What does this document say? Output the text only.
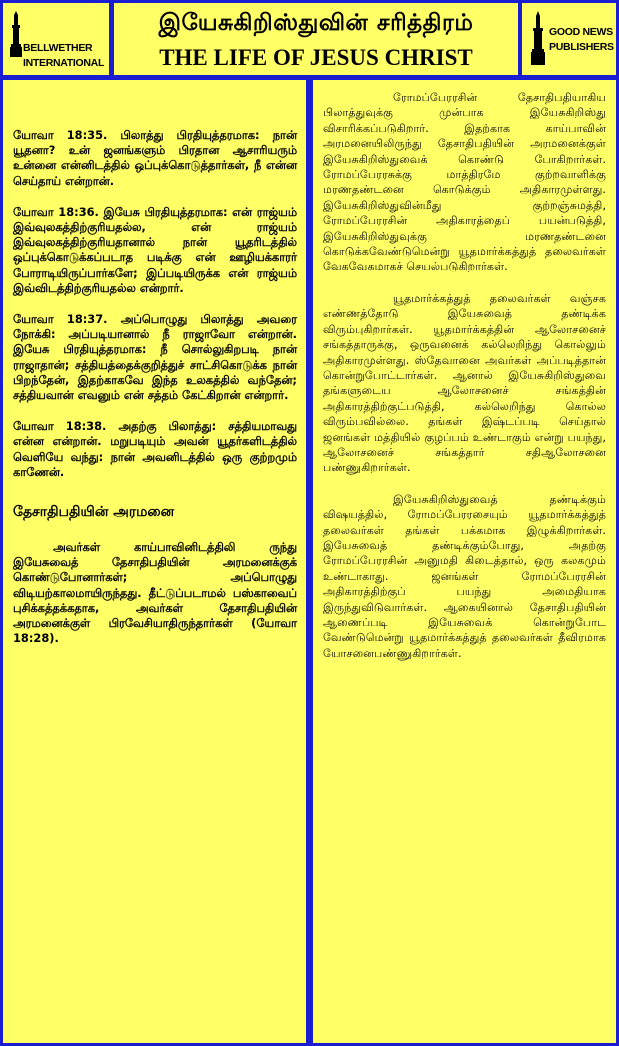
BELLWETHER INTERNATIONAL
இயேசுகிறிஸ்துவின் சரித்திரம்
THE LIFE OF JESUS CHRIST
GOOD NEWS PUBLISHERS

யோவா 18:35. பிலாத்து பிரதியுத்தரமாக: நான் யூதனா? உன் ஜனங்களும் பிரதான ஆசாரியரும் உன்னை என்னிடத்தில் ஒப்புக்கொடுத்தார்கள், நீ என்ன செய்தாய் என்றான்.

யோவா 18:36. இயேசு பிரதியுத்தரமாக: என் ராஜ்யம் இவ்வுலகத்திற்குரியதல்ல, என் ராஜ்யம் இவ்வுலகத்திற்குரியதானால் நான் யூதரிடத்தில் ஒப்புக்கொடுக்கப்படாத படிக்கு என் ஊழியக்காரர் போராடியிருப்பார்களே; இப்படியிருக்க என் ராஜ்யம் இவ்விடத்திற்குரியதல்ல என்றார்.

யோவா 18:37. அப்பொழுது பிலாத்து அவரை நோக்கி: அப்படியானால் நீ ராஜாவோ என்றான். இயேசு பிரதியுத்தரமாக: நீ சொல்லுகிறபடி நான் ராஜாதான்; சத்தியத்தைக்குறித்துச் சாட்சிகொடுக்க நான் பிறந்தேன், இதற்காகவே இந்த உலகத்தில் வந்தேன்; சத்தியவான் எவனும் என் சத்தம் கேட்கிறான் என்றார்.

யோவா 18:38. அதற்கு பிலாத்து: சத்தியமாவது என்ன என்றான். மறுபடியும் அவன் யூதர்களிடத்தில் வெளியே வந்து: நான் அவனிடத்தில் ஒரு குற்றமும் காணேன்.

தேசாதிபதியின் அரமனை

அவர்கள் காய்பாவினிடத்திலி ருந்து இயேசுவைத் தேசாதிபதியின் அரமனைக்குக் கொண்டுபோனார்கள்; அப்பொழுது விடியற்காலமாயிருந்தது. தீட்டுப்படாமல் பஸ்காவைப் புசிக்கத்தக்கதாக, அவர்கள் தேசாதிபதியின் அரமனைக்குள் பிரவேசியாதிருந்தார்கள் (யோவா 18:28).

ரோமப்பேரரசின் தேசாதிபதியாகிய பிலாத்துவுக்கு முன்பாக இயேசுகிறிஸ்து விசாரிக்கப்படுகிறார். இதற்காக காய்பாவின் அரமனையிலிருந்து தேசாதிபதியின் அரமனைக்குள் இயேசுகிறிஸ்துவைக் கொண்டு போகிறார்கள். ரோமப்பேரரசுக்கு மாத்திரமே குற்றவாளிக்கு மரணதண்டனை கொடுக்கும் அதிகாரமுள்ளது. இயேசுகிறிஸ்துவின்மீது குற்றஞ்சுமத்தி, ரோமப்பேரரசின் அதிகாரத்தைப் பயன்படுத்தி, இயேசுகிறிஸ்துவுக்கு மரணதண்டனை கொடுக்கவேண்டுமென்று யூதமார்க்கத்துத் தலைவர்கள் வேகவேகமாகச் செயல்படுகிறார்கள்.

யூதமார்க்கத்துத் தலைவர்கள் வஞ்சக எண்ணத்தோடு இயேசுவைத் தண்டிக்க விரும்புகிறார்கள். யூதமார்க்கத்தின் ஆலோசனைச் சங்கத்தாருக்கு, ஒருவனைக் கல்லெறிந்து கொல்லும் அதிகாரமுள்ளது. ஸ்தேவானை அவர்கள் அப்படித்தான் கொன்றுபோட்டார்கள். ஆனால் இயேசுகிறிஸ்துவை தங்களுடைய ஆலோசனைச் சங்கத்தின் அதிகாரத்திற்குட்படுத்தி, கல்லெறிந்து கொல்ல விரும்பவில்லை. தங்கள் இஷ்டப்படி செய்தால் ஜனங்கள் மத்தியில் குழப்பம் உண்டாகும் என்று பயந்து, ஆலோசனைச் சங்கத்தார் சதிஆலோசனை பண்ணுகிறார்கள்.

இயேசுகிறிஸ்துவைத் தண்டிக்கும் விஷயத்தில், ரோமப்பேரரசையும் யூதமார்க்கத்துத் தலைவர்கள் தங்கள் பக்கமாக இழுக்கிறார்கள். இயேசுவைத் தண்டிக்கும்போது, அதற்கு ரோமப்பேரரசின் அனுமதி கிடைத்தால், ஒரு கலகமும் உண்டாகாது. ஜனங்கள் ரோமப்பேரரசின் அதிகாரத்திற்குப் பயந்து அமைதியாக இருந்துவிடுவார்கள். ஆகையினால் தேசாதிபதியின் ஆணைப்படி இயேசுவைக் கொன்றுபோட வேண்டுமென்று யூதமார்க்கத்துத் தலைவர்கள் தீவிரமாக யோசனைபண்ணுகிறார்கள்.
